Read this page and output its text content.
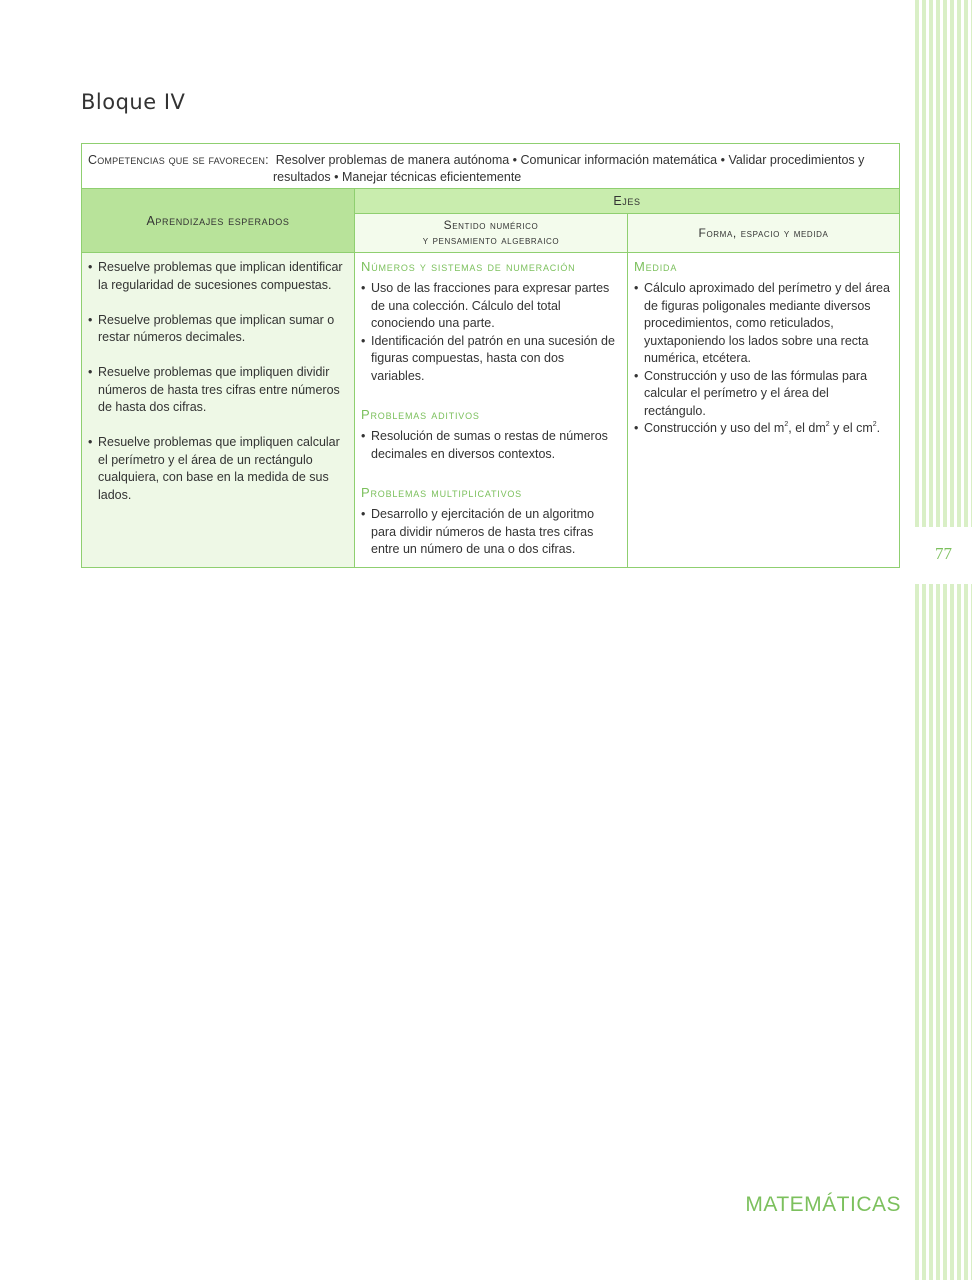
77
Bloque IV
Competencias que se favorecen: Resolver problemas de manera autónoma • Comunicar información matemática • Validar procedimientos y
resultados • Manejar técnicas eficientemente
Aprendizajes esperados
Ejes
Sentido numérico
y pensamiento algebraico
Forma, espacio y medida
• Resuelve problemas que implican identificar la regularidad de sucesiones compuestas.
• Resuelve problemas que implican sumar o restar números decimales.
• Resuelve problemas que impliquen dividir números de hasta tres cifras entre números de hasta dos cifras.
• Resuelve problemas que impliquen calcular el perímetro y el área de un rectángulo cualquiera, con base en la medida de sus lados.
Números y sistemas de numeración
• Uso de las fracciones para expresar partes de una colección. Cálculo del total conociendo una parte.
• Identificación del patrón en una sucesión de figuras compuestas, hasta con dos variables.
Problemas aditivos
• Resolución de sumas o restas de números decimales en diversos contextos.
Problemas multiplicativos
• Desarrollo y ejercitación de un algoritmo para dividir números de hasta tres cifras entre un número de una o dos cifras.
Medida
• Cálculo aproximado del perímetro y del área de figuras poligonales mediante diversos procedimientos, como reticulados, yuxtaponiendo los lados sobre una recta numérica, etcétera.
• Construcción y uso de las fórmulas para calcular el perímetro y el área del rectángulo.
• Construcción y uso del $m^2$, el $dm^2$ y el $cm^2$.
MATEMÁTICAS
